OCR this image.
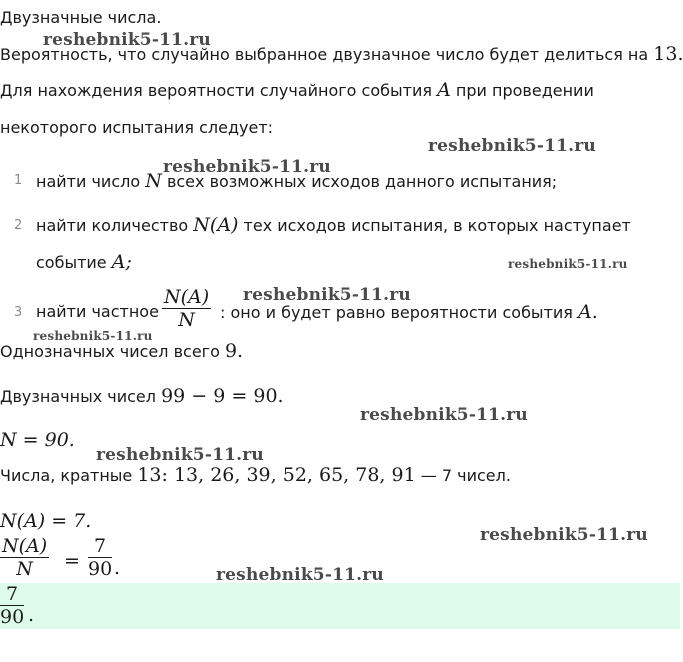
Двузначные числа.
Вероятность, что случайно выбранное двузначное число будет делиться на 13.
Для нахождения вероятности случайного события A при проведении
некоторого испытания следует:
1 найти число N всех возможных исходов данного испытания;
2 найти количество N(A) тех исходов испытания, в которых наступает
событие A;
3 найти частное
N(A)
N	: оно и будет равно вероятности события A.
Однозначных чисел всего 9.
Двузначных чисел 99 − 9 = 90.
N = 90.
Числа, кратные 13: 13, 26, 39, 52, 65, 78, 91 — 7 чисел.
N(A) = 7.
N(A)
N	=
7
90 .
7
90 .
reshebnik5-11.ru
reshebnik5-11.ru
reshebnik5-11.ru
reshebnik5-11.ru
reshebnik5-11.ru
reshebnik5-11.ru
reshebnik5-11.ru
reshebnik5-11.ru
reshebnik5-11.ru
reshebnik5-11.ru
